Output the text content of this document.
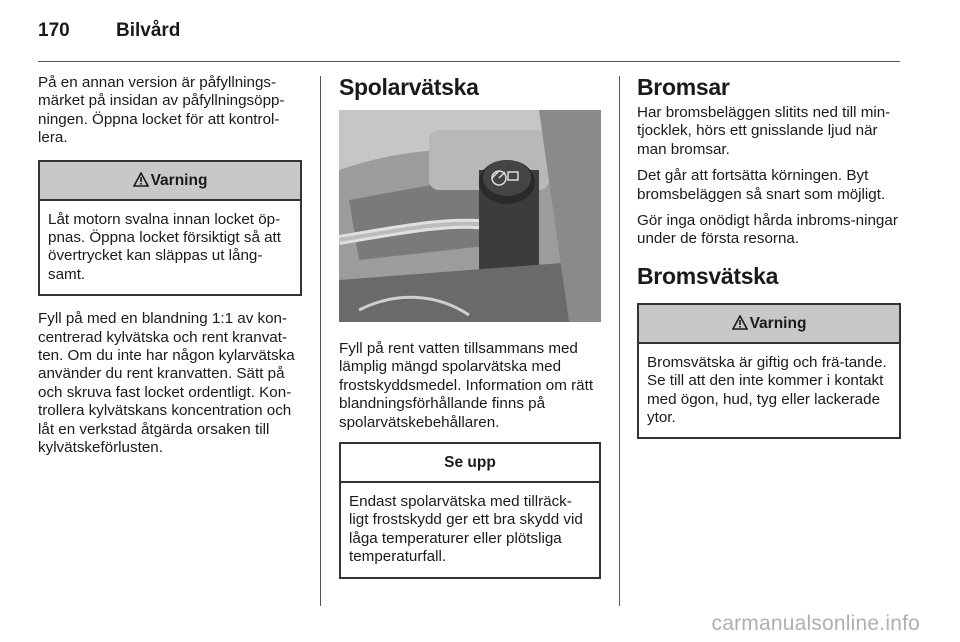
170 Bilvård

På en annan version är påfyllnings-märket på insidan av påfyllningsöpp-ningen. Öppna locket för att kontrol-lera.

Varning
Låt motorn svalna innan locket öp-pnas. Öppna locket försiktigt så att övertrycket kan släppas ut lång-samt.

Fyll på med en blandning 1:1 av kon-centrerad kylvätska och rent kranvat-ten. Om du inte har någon kylarvätska använder du rent kranvatten. Sätt på och skruva fast locket ordentligt. Kon-trollera kylvätskans koncentration och låt en verkstad åtgärda orsaken till kylvätskeförlusten.

Spolarvätska

Fyll på rent vatten tillsammans med lämplig mängd spolarvätska med frostskyddsmedel. Information om rätt blandningsförhållande finns på spolarvätskebehållaren.

Se upp
Endast spolarvätska med tillräck-ligt frostskydd ger ett bra skydd vid låga temperaturer eller plötsliga temperaturfall.
Bromsar

Har bromsbeläggen slitits ned till min-tjocklek, hörs ett gnisslande ljud när man bromsar.

Det går att fortsätta körningen. Byt bromsbeläggen så snart som möjligt.

Gör inga onödigt hårda inbroms-ningar under de första resorna.

Bromsvätska
Varning
Bromsvätska är giftig och frä-tande. Se till att den inte kommer i kontakt med ögon, hud, tyg eller lackerade ytor.
carmanualsonline.info
